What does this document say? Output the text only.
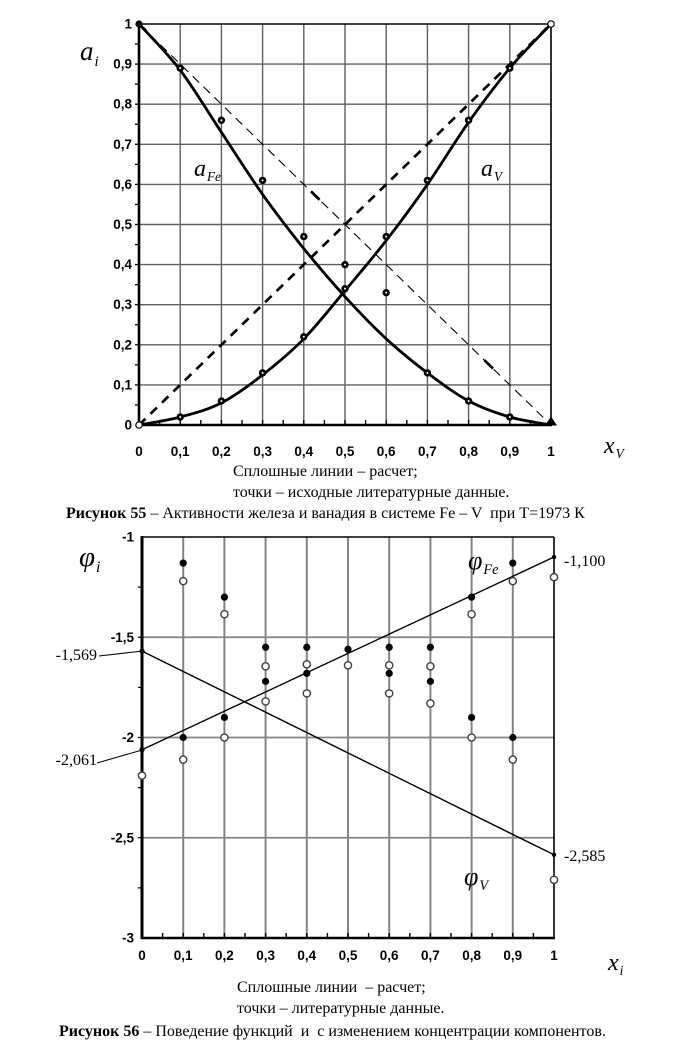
0 0,1 0,2 0,3 0,4 0,5 0,6 0,7 0,8 0,9 1
0
0,1
0,2
0,3
0,4
0,5
0,6
0,7
0,8
0,9
1
0 0,1 0,2 0,3 0,4 0,5 0,6 0,7 0,8 0,9 1
-1
-1,5
-2
-2,5
-3
$a_i$
$a_{Fe}$	$a_V$
$x_V$
Сплошные линии – расчет;
точки – исходные литературные данные.
Рисунок 55 – Активности железа и ванадия в системе Fe – V  при Т=1973 К
$\varphi_i$	$\varphi_{Fe}$
$\varphi_V$
$x_i$
-1,569
-2,061
-1,100
-2,585
Сплошные линии  – расчет;
точки – литературные данные.
Рисунок 56 – Поведение функций  и  с изменением концентрации компонентов.
